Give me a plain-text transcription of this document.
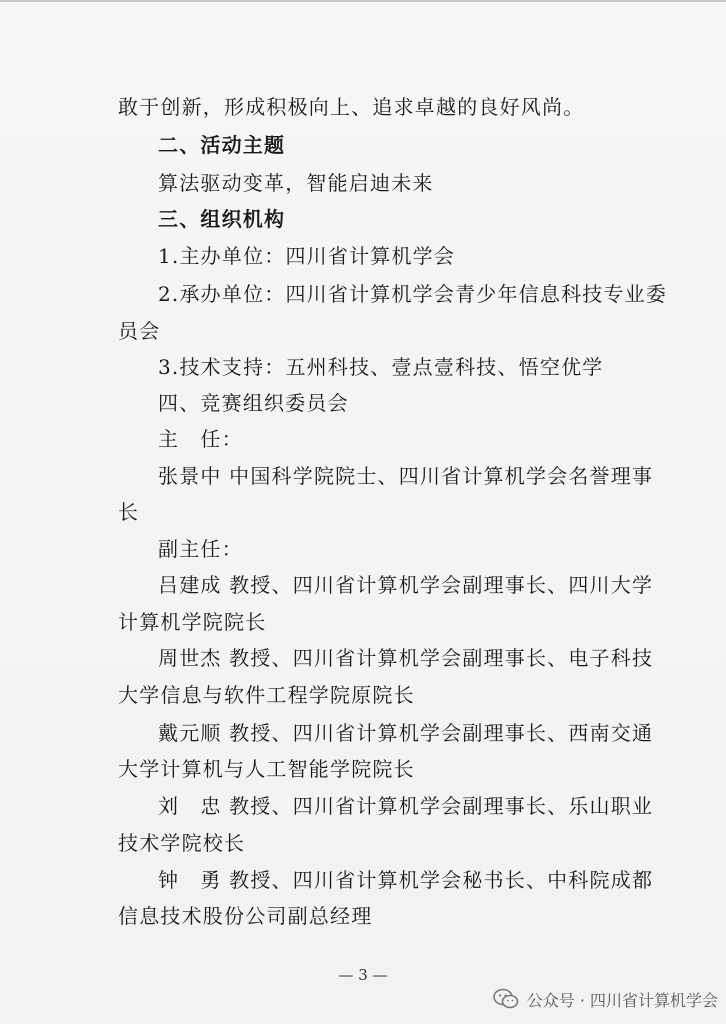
敢于创新，形成积极向上、追求卓越的良好风尚。
二、活动主题
算法驱动变革，智能启迪未来
三、组织机构
1.主办单位：四川省计算机学会
2.承办单位：四川省计算机学会青少年信息科技专业委
员会
3.技术支持：五州科技、壹点壹科技、悟空优学
四、竞赛组织委员会
主　任：
张景中 中国科学院院士、四川省计算机学会名誉理事
长
副主任：
吕建成 教授、四川省计算机学会副理事长、四川大学
计算机学院院长
周世杰 教授、四川省计算机学会副理事长、电子科技
大学信息与软件工程学院原院长
戴元顺 教授、四川省计算机学会副理事长、西南交通
大学计算机与人工智能学院院长
刘　忠 教授、四川省计算机学会副理事长、乐山职业
技术学院校长
钟　勇 教授、四川省计算机学会秘书长、中科院成都
信息技术股份公司副总经理
— 3 —
公众号 · 四川省计算机学会
